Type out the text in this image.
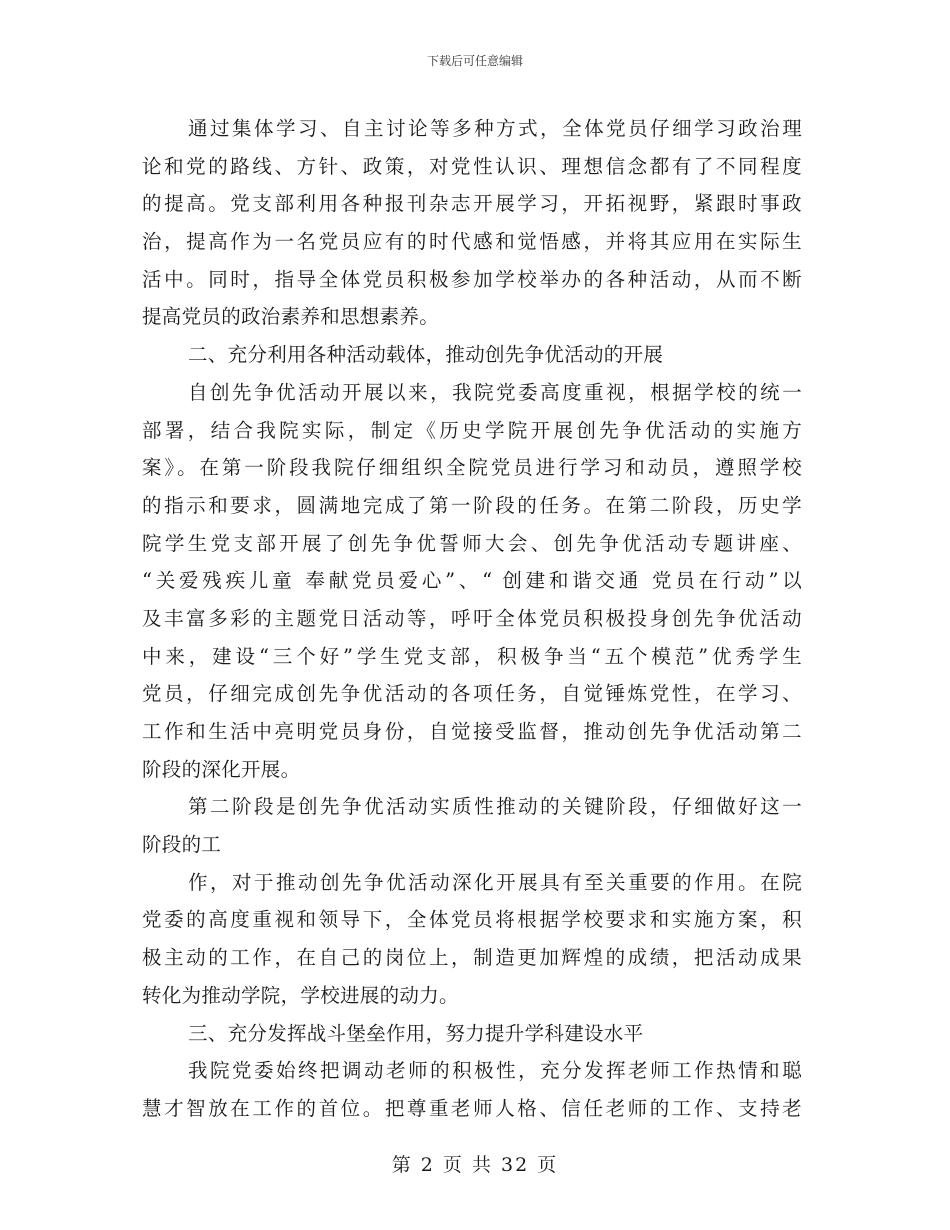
下载后可任意编辑
通过集体学习、自主讨论等多种方式，全体党员仔细学习政治理
论和党的路线、方针、政策，对党性认识、理想信念都有了不同程度
的提高。党支部利用各种报刊杂志开展学习，开拓视野，紧跟时事政
治，提高作为一名党员应有的时代感和觉悟感，并将其应用在实际生
活中。同时，指导全体党员积极参加学校举办的各种活动，从而不断
提高党员的政治素养和思想素养。
二、充分利用各种活动载体，推动创先争优活动的开展
自创先争优活动开展以来，我院党委高度重视，根据学校的统一
部署，结合我院实际，制定《历史学院开展创先争优活动的实施方
案》。在第一阶段我院仔细组织全院党员进行学习和动员，遵照学校
的指示和要求，圆满地完成了第一阶段的任务。在第二阶段，历史学
院学生党支部开展了创先争优誓师大会、创先争优活动专题讲座、
“关爱残疾儿童 奉献党员爱心”、“ 创建和谐交通 党员在行动”以
及丰富多彩的主题党日活动等，呼吁全体党员积极投身创先争优活动
中来，建设“三个好”学生党支部，积极争当“五个模范”优秀学生
党员，仔细完成创先争优活动的各项任务，自觉锤炼党性，在学习、
工作和生活中亮明党员身份，自觉接受监督，推动创先争优活动第二
阶段的深化开展。
第二阶段是创先争优活动实质性推动的关键阶段，仔细做好这一
阶段的工
作，对于推动创先争优活动深化开展具有至关重要的作用。在院
党委的高度重视和领导下，全体党员将根据学校要求和实施方案，积
极主动的工作，在自己的岗位上，制造更加辉煌的成绩，把活动成果
转化为推动学院，学校进展的动力。
三、充分发挥战斗堡垒作用，努力提升学科建设水平
我院党委始终把调动老师的积极性，充分发挥老师工作热情和聪
慧才智放在工作的首位。把尊重老师人格、信任老师的工作、支持老
第 2 页 共 32 页
